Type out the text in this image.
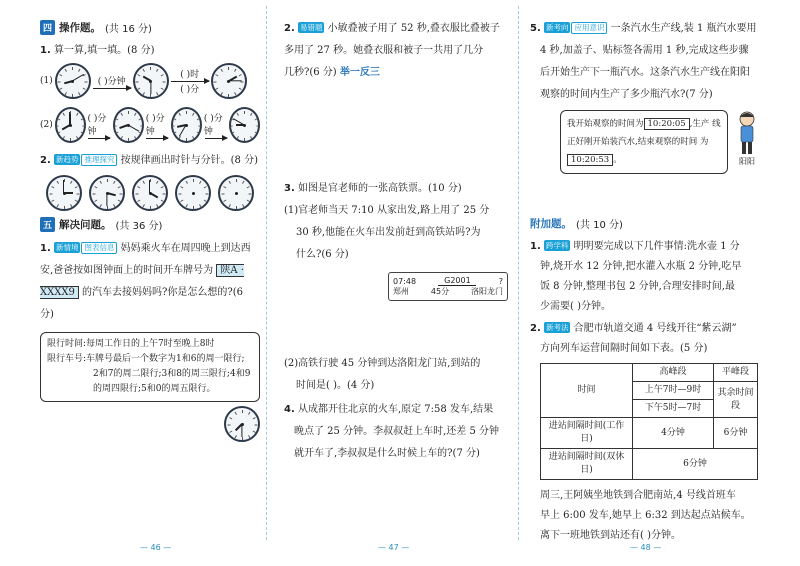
四 操作题。 (共 16 分)
1. 算一算,填一填。(8 分)
(1)	( )分钟
( )时
( )分
(2)
( )分钟
( )分钟
( )分钟
2. 新趋势 推理探究 按规律画出时针与分针。(8 分)
五 解决问题。 (共 36 分)
1. 新情境 图表信息 妈妈乘火车在周四晚上到达西安,爸爸按如图钟面上的时间开车牌号为 陕A · XXXX9 的汽车去接妈妈吗?你是怎么想的?(6 分)
限行时间:每周工作日的上午7时至晚上8时
限行车号:车牌号最后一个数字为1和6的周一限行;
2和7的周二限行;3和8的周三限行;4和9
的周四限行;5和0的周五限行。
— 46 —
2. 易错题 小敏叠被子用了 52 秒,叠衣服比叠被子
多用了 27 秒。她叠衣服和被子一共用了几分
几秒?(6 分) 举一反三
3. 如图是官老师的一张高铁票。(10 分)
(1)官老师当天 7:10 从家出发,路上用了 25 分
30 秒,他能在火车出发前赶到高铁站吗?为
什么?(6 分)
07:48	G2001	?
郑州	45分	洛阳龙门
(2)高铁行驶 45 分钟到达洛阳龙门站,到站的
时间是( )。(4 分)
4. 从成都开往北京的火车,原定 7:58 发车,结果
晚点了 25 分钟。李叔叔赶上车时,还差 5 分钟
就开车了,李叔叔是什么时候上车的?(7 分)
— 47 —
5. 新考向 应用意识 一条汽水生产线,装 1 瓶汽水要用
4 秒,加盖子、贴标签各需用 1 秒,完成这些步骤
后开始生产下一瓶汽水。这条汽水生产线在阳阳
观察的时间内生产了多少瓶汽水?(7 分)
我开始观察的时间为 10:20:05 ,生产 线正好刚开始装汽水,结束观察的时间 为10:20:53 。	阳阳
附加题。 (共 10 分)
1. 跨学科 明明要完成以下几件事情:洗水壶 1 分
钟,烧开水 12 分钟,把水灌入水瓶 2 分钟,吃早
饭 8 分钟,整理书包 2 分钟,合理安排时间,最
少需要( )分钟。
2. 新考法 合肥市轨道交通 4 号线开往“紫云湖”
方向列车运营间隔时间如下表。(5 分)
时间	高峰段	平峰段
	上午7时—9时	其余时间段
	下午5时—7时	
进站间隔时间(工作日)	4分钟	6分钟
进站间隔时间(双休日)	6分钟	
周三,王阿姨坐地铁到合肥南站,4 号线首班车
早上 6:00 发车,她早上 6:32 到达起点站候车。
离下一班地铁到站还有( )分钟。
— 48 —
